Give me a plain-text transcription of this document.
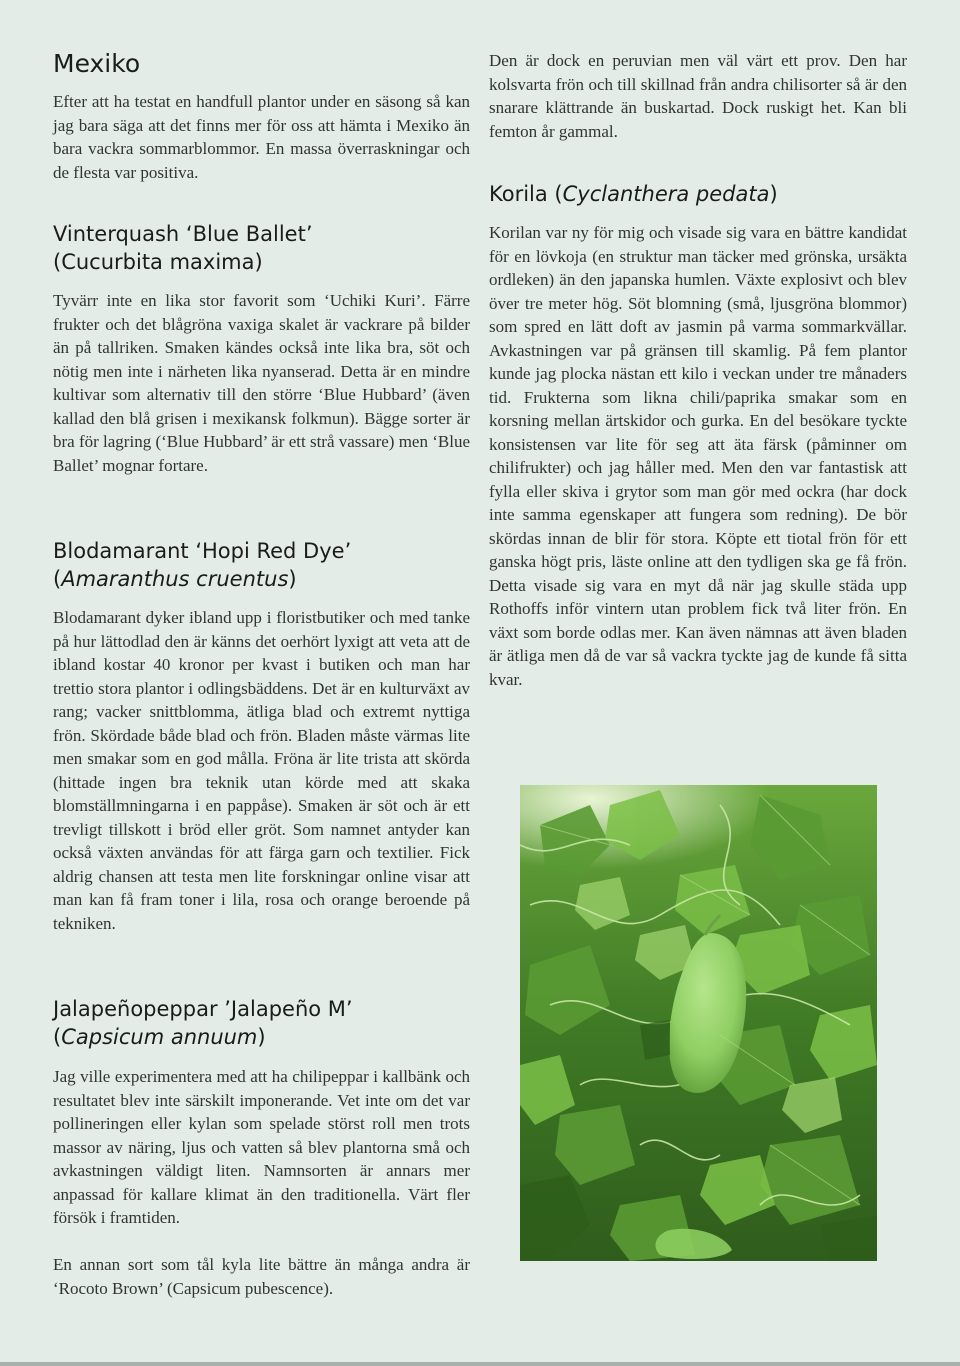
Mexiko

Efter att ha testat en handfull plantor under en säsong så kan jag bara säga att det finns mer för oss att hämta i Mexiko än bara vackra sommarblommor. En massa överraskningar och de flesta var positiva.

Vinterquash ‘Blue Ballet’
(Cucurbita maxima)

Tyvärr inte en lika stor favorit som ‘Uchiki Kuri’. Färre frukter och det blågröna vaxiga skalet är vackrare på bilder än på tallriken. Smaken kändes också inte lika bra, söt och nötig men inte i närheten lika nyanserad. Detta är en mindre kultivar som alternativ till den större ‘Blue Hubbard’ (även kallad den blå grisen i mexikansk folkmun). Bägge sorter är bra för lagring (‘Blue Hubbard’ är ett strå vassare) men ‘Blue Ballet’ mognar fortare.

Blodamarant ‘Hopi Red Dye’
(Amaranthus cruentus)

Blodamarant dyker ibland upp i floristbutiker och med tanke på hur lättodlad den är känns det oerhört lyxigt att veta att de ibland kostar 40 kronor per kvast i butiken och man har trettio stora plantor i odlingsbäddens. Det är en kulturväxt av rang; vacker snittblomma, ätliga blad och extremt nyttiga frön. Skördade både blad och frön. Bladen måste värmas lite men smakar som en god målla. Fröna är lite trista att skörda (hittade ingen bra teknik utan körde med att skaka blomställmningarna i en pappåse). Smaken är söt och är ett trevligt tillskott i bröd eller gröt. Som namnet antyder kan också växten användas för att färga garn och textilier. Fick aldrig chansen att testa men lite forskningar online visar att man kan få fram toner i lila, rosa och orange beroende på tekniken.

Jalapeñopeppar ’Jalapeño M’
(Capsicum annuum)

Jag ville experimentera med att ha chilipeppar i kallbänk och resultatet blev inte särskilt imponerande. Vet inte om det var pollineringen eller kylan som spelade störst roll men trots massor av näring, ljus och vatten så blev plantorna små och avkastningen väldigt liten. Namnsorten är annars mer anpassad för kallare klimat än den traditionella. Värt fler försök i framtiden.

En annan sort som tål kyla lite bättre än många andra är ‘Rocoto Brown’ (Capsicum pubescence).

Den är dock en peruvian men väl värt ett prov. Den har kolsvarta frön och till skillnad från andra chilisorter så är den snarare klättrande än buskartad. Dock ruskigt het. Kan bli femton år gammal.

Korila (Cyclanthera pedata)

Korilan var ny för mig och visade sig vara en bättre kandidat för en lövkoja (en struktur man täcker med grönska, ursäkta ordleken) än den japanska humlen. Växte explosivt och blev över tre meter hög. Söt blomning (små, ljusgröna blommor) som spred en lätt doft av jasmin på varma sommarkvällar. Avkastningen var på gränsen till skamlig. På fem plantor kunde jag plocka nästan ett kilo i veckan under tre månaders tid. Frukterna som likna chili/paprika smakar som en korsning mellan ärtskidor och gurka. En del besökare tyckte konsistensen var lite för seg att äta färsk (påminner om chilifrukter) och jag håller med. Men den var fantastisk att fylla eller skiva i grytor som man gör med ockra (har dock inte samma egenskaper att fungera som redning). De bör skördas innan de blir för stora. Köpte ett tiotal frön för ett ganska högt pris, läste online att den tydligen ska ge få frön. Detta visade sig vara en myt då när jag skulle städa upp Rothoffs inför vintern utan problem fick två liter frön. En växt som borde odlas mer. Kan även nämnas att även bladen är ätliga men då de var så vackra tyckte jag de kunde få sitta kvar.
